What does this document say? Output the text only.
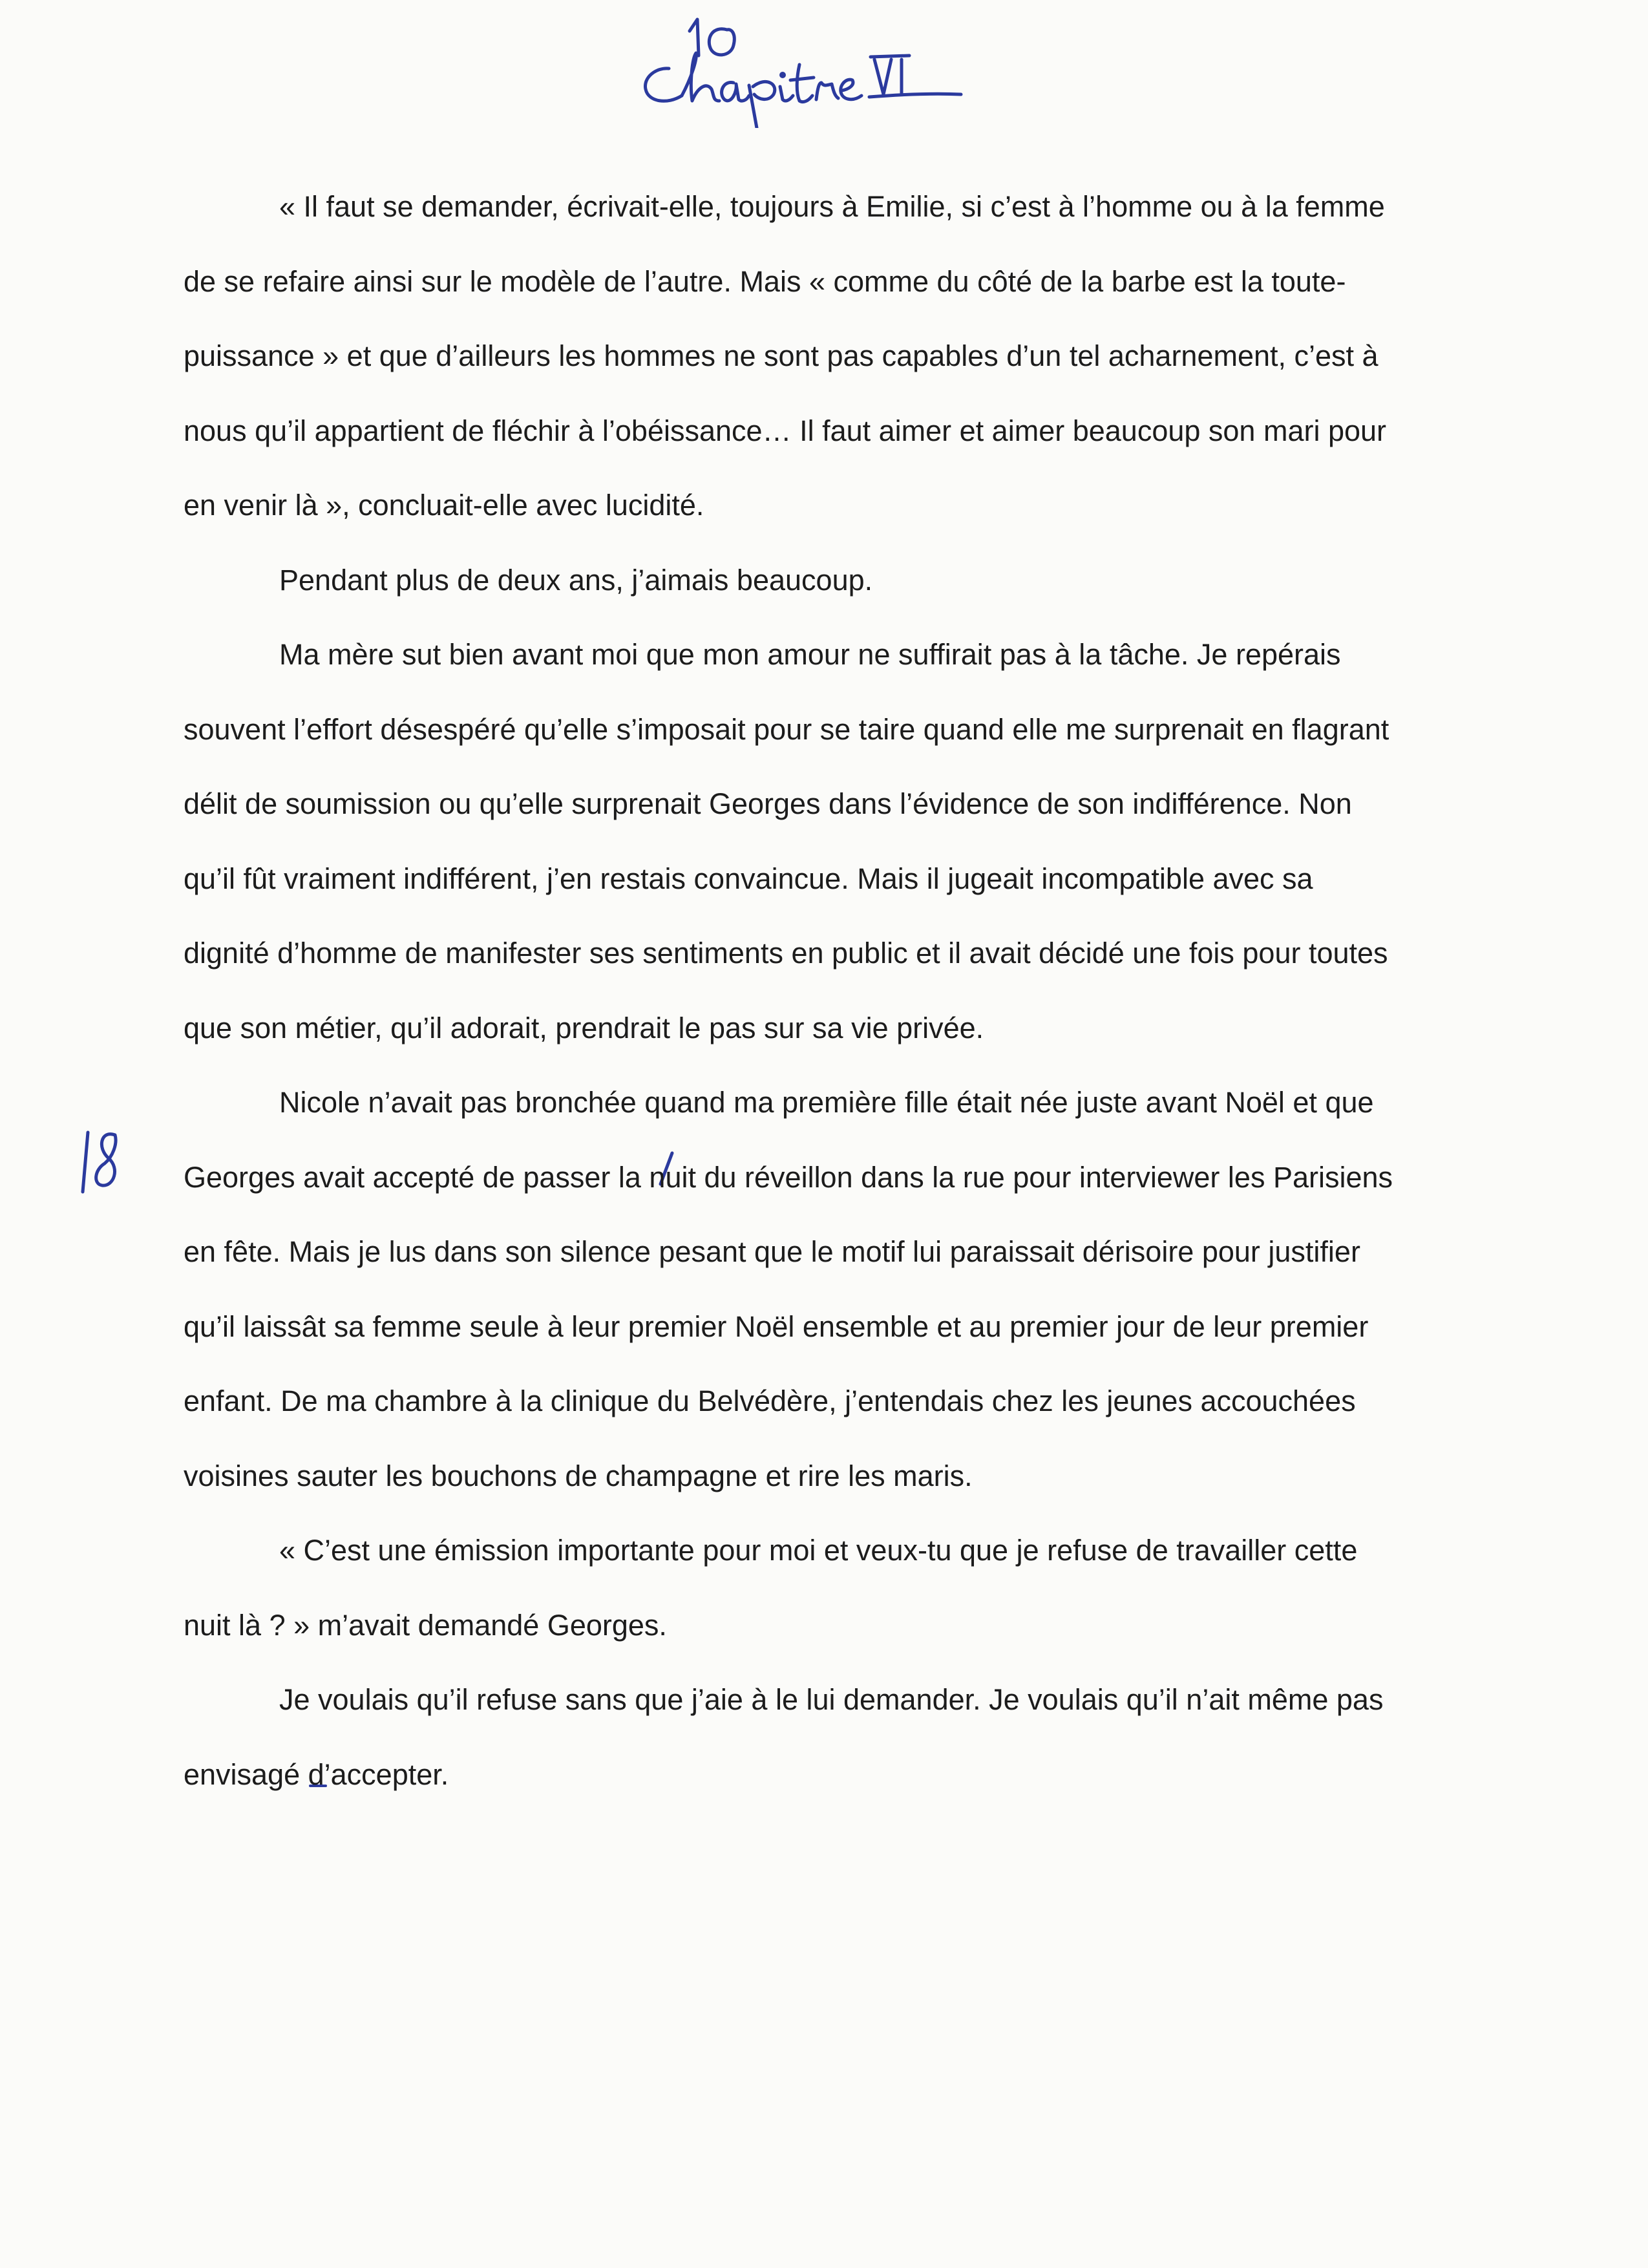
« Il faut se demander, écrivait-elle, toujours à Emilie, si c’est à l’homme ou à la femme de se refaire ainsi sur le modèle de l’autre. Mais « comme du côté de la barbe est la toute-puissance » et que d’ailleurs les hommes ne sont pas capables d’un tel acharnement, c’est à nous qu’il appartient de fléchir à l’obéissance… Il faut aimer et aimer beaucoup son mari pour en venir là », concluait-elle avec lucidité.

Pendant plus de deux ans, j’aimais beaucoup.

Ma mère sut bien avant moi que mon amour ne suffirait pas à la tâche. Je repérais souvent l’effort désespéré qu’elle s’imposait pour se taire quand elle me surprenait en flagrant délit de soumission ou qu’elle surprenait Georges dans l’évidence de son indifférence. Non qu’il fût vraiment indifférent, j’en restais convaincue. Mais il jugeait incompatible avec sa dignité d’homme de manifester ses sentiments en public et il avait décidé une fois pour toutes que son métier, qu’il adorait, prendrait le pas sur sa vie privée.

Nicole n’avait pas bronchée quand ma première fille était née juste avant Noël et que Georges avait accepté de passer la nuit du réveillon dans la rue pour interviewer les Parisiens en fête. Mais je lus dans son silence pesant que le motif lui paraissait dérisoire pour justifier qu’il laissât sa femme seule à leur premier Noël ensemble et au premier jour de leur premier enfant. De ma chambre à la clinique du Belvédère, j’entendais chez les jeunes accouchées voisines sauter les bouchons de champagne et rire les maris.

« C’est une émission importante pour moi et veux-tu que je refuse de travailler cette nuit là ? » m’avait demandé Georges.

Je voulais qu’il refuse sans que j’aie à le lui demander. Je voulais qu’il n’ait même pas envisagé d’accepter.
